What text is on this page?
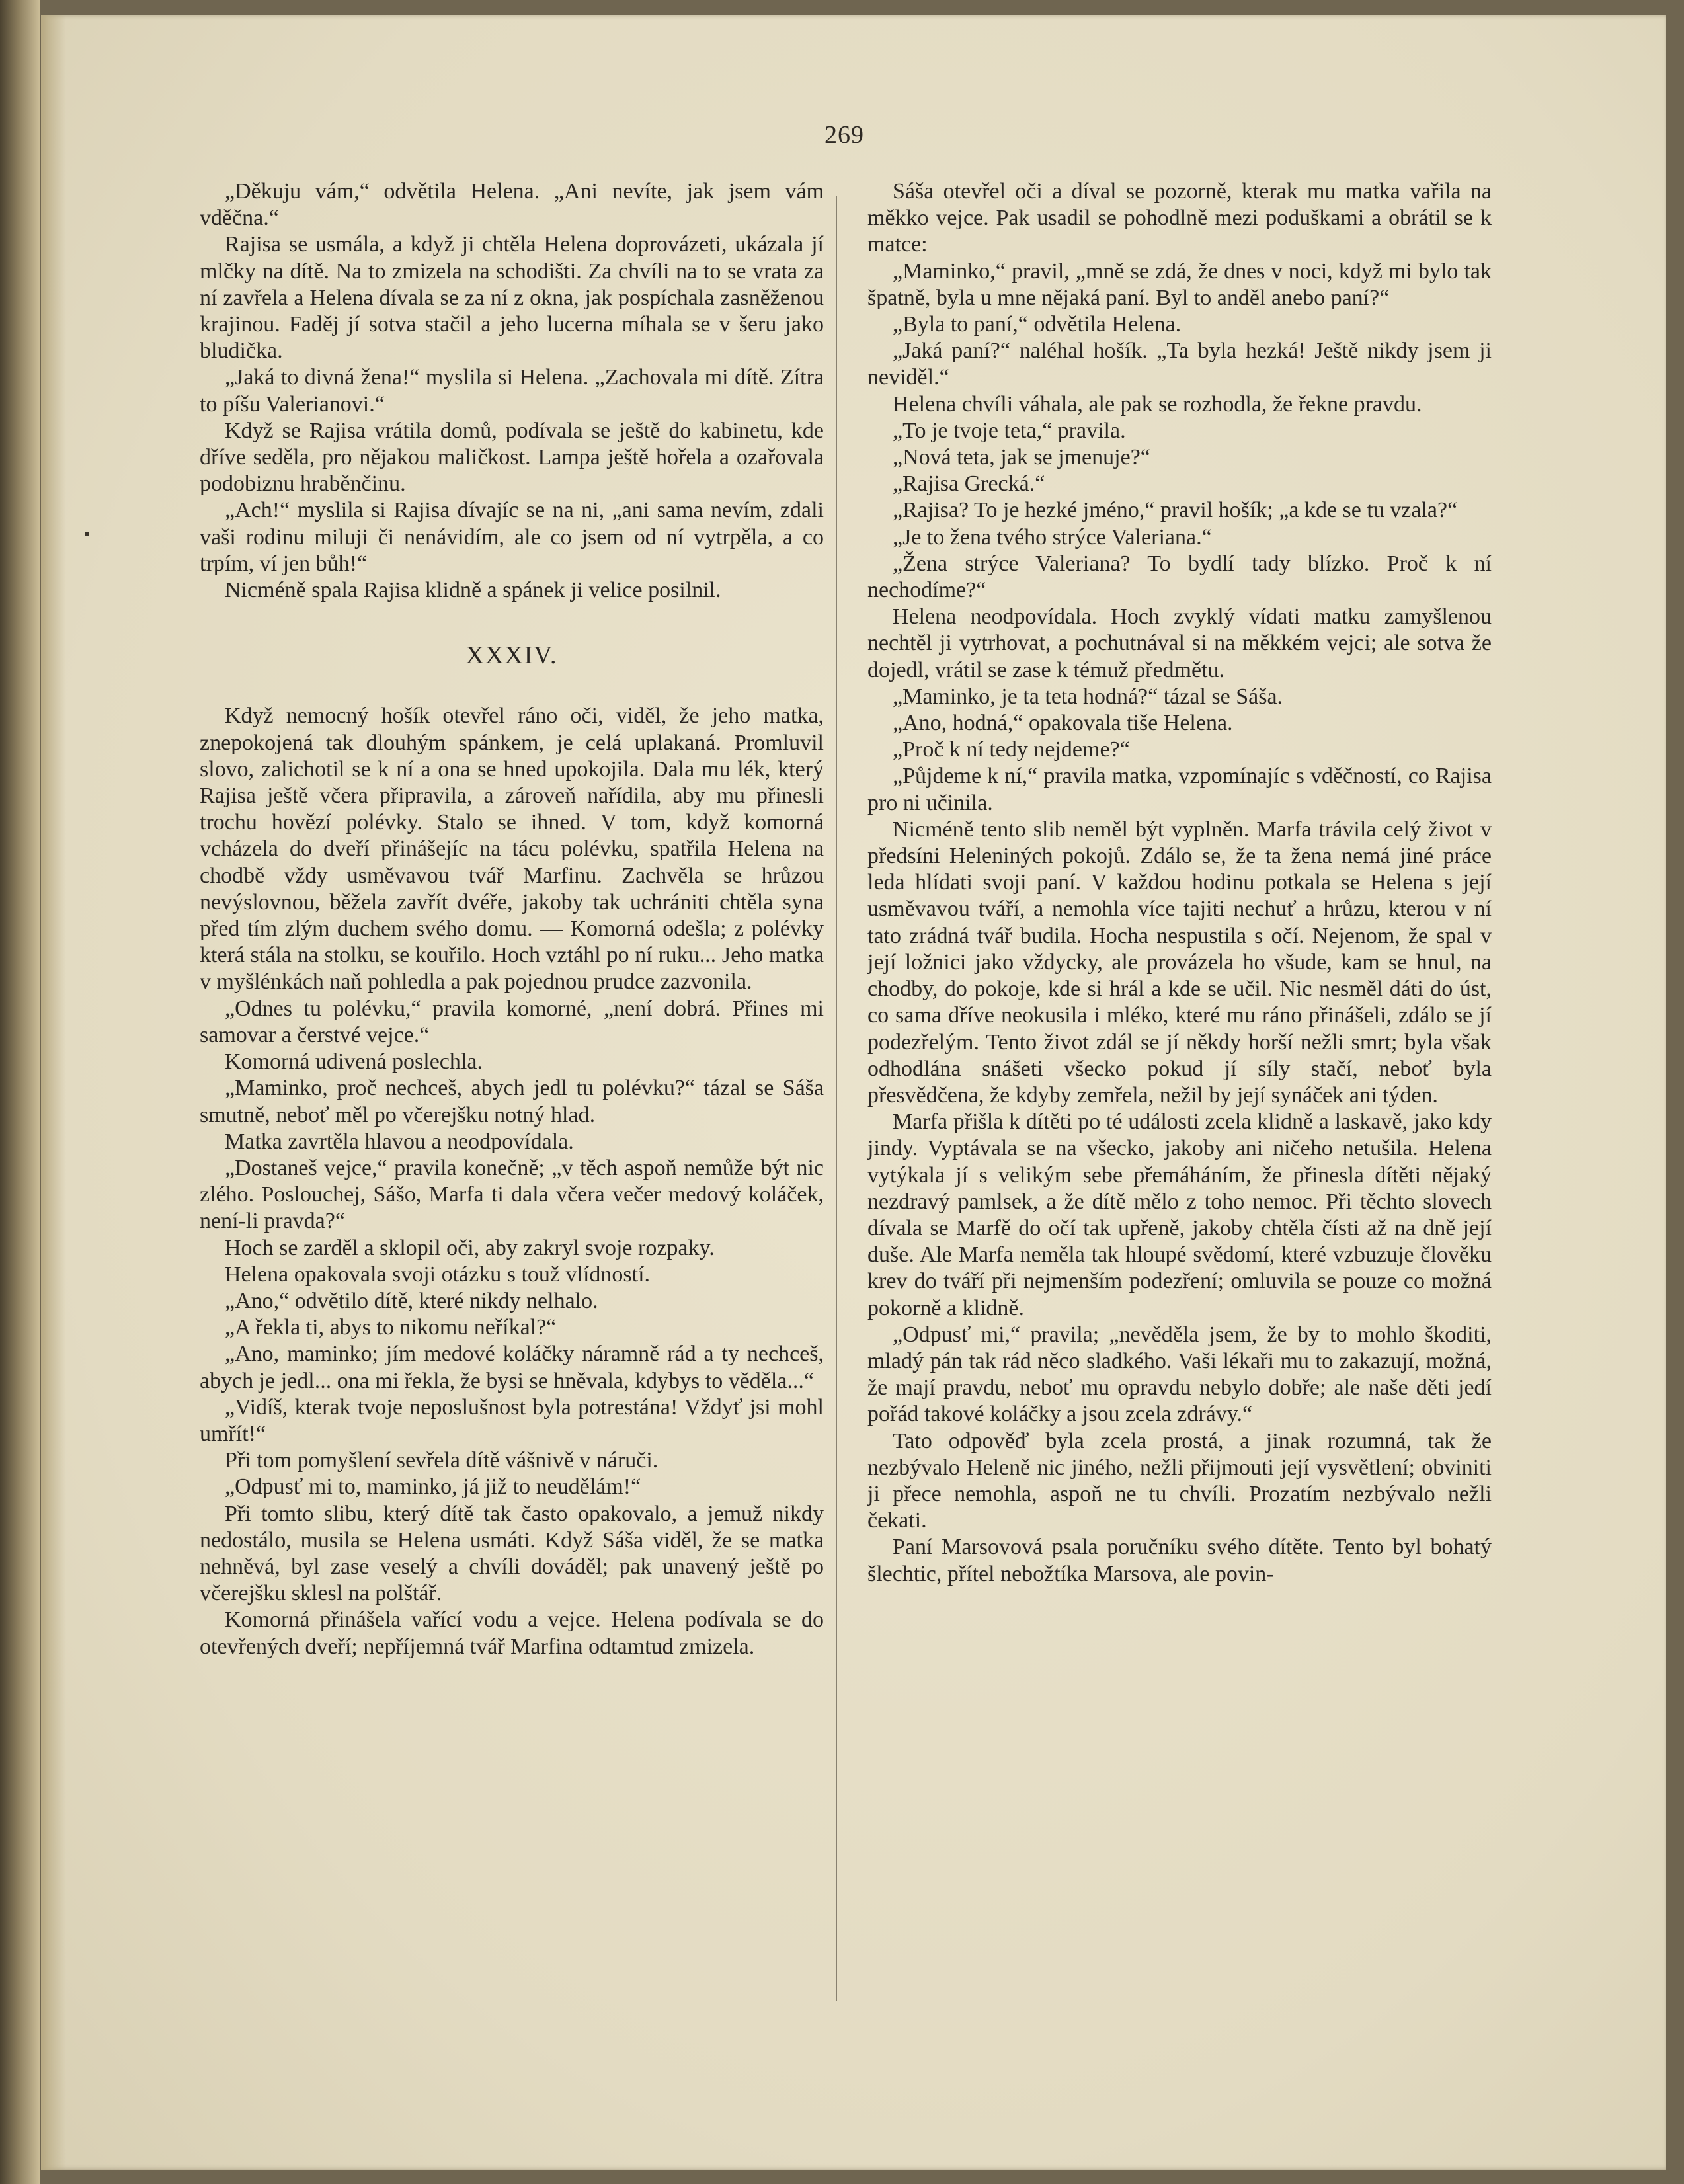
269

„Děkuju vám,“ odvětila Helena. „Ani nevíte, jak jsem vám vděčna.“

Rajisa se usmála, a když ji chtěla Helena doprovázeti, ukázala jí mlčky na dítě. Na to zmizela na schodišti. Za chvíli na to se vrata za ní zavřela a Helena dívala se za ní z okna, jak pospíchala zasněženou krajinou. Faděj jí sotva stačil a jeho lucerna míhala se v šeru jako bludička.

„Jaká to divná žena!“ myslila si Helena. „Zachovala mi dítě. Zítra to píšu Valerianovi.“

Když se Rajisa vrátila domů, podívala se ještě do kabinetu, kde dříve seděla, pro nějakou maličkost. Lampa ještě hořela a ozařovala podobiznu hraběnčinu.

„Ach!“ myslila si Rajisa dívajíc se na ni, „ani sama nevím, zdali vaši rodinu miluji či nenávidím, ale co jsem od ní vytrpěla, a co trpím, ví jen bůh!“

Nicméně spala Rajisa klidně a spánek ji velice posilnil.

XXXIV.

Když nemocný hošík otevřel ráno oči, viděl, že jeho matka, znepokojená tak dlouhým spánkem, je celá uplakaná. Promluvil slovo, zalichotil se k ní a ona se hned upokojila. Dala mu lék, který Rajisa ještě včera připravila, a zároveň nařídila, aby mu přinesli trochu hovězí polévky. Stalo se ihned. V tom, když komorná vcházela do dveří přinášejíc na tácu polévku, spatřila Helena na chodbě vždy usměvavou tvář Marfinu. Zachvěla se hrůzou nevýslovnou, běžela zavřít dvéře, jakoby tak uchrániti chtěla syna před tím zlým duchem svého domu. — Komorná odešla; z polévky která stála na stolku, se kouřilo. Hoch vztáhl po ní ruku... Jeho matka v myšlénkách naň pohledla a pak pojednou prudce zazvonila.

„Odnes tu polévku,“ pravila komorné, „není dobrá. Přines mi samovar a čerstvé vejce.“

Komorná udivená poslechla.

„Maminko, proč nechceš, abych jedl tu polévku?“ tázal se Sáša smutně, neboť měl po včerejšku notný hlad.

Matka zavrtěla hlavou a neodpovídala.

„Dostaneš vejce,“ pravila konečně; „v těch aspoň nemůže být nic zlého. Poslouchej, Sášo, Marfa ti dala včera večer medový koláček, není-li pravda?“

Hoch se zarděl a sklopil oči, aby zakryl svoje rozpaky.

Helena opakovala svoji otázku s touž vlídností.

„Ano,“ odvětilo dítě, které nikdy nelhalo.

„A řekla ti, abys to nikomu neříkal?“

„Ano, maminko; jím medové koláčky náramně rád a ty nechceš, abych je jedl... ona mi řekla, že bysi se hněvala, kdybys to věděla...“

„Vidíš, kterak tvoje neposlušnost byla potrestána! Vždyť jsi mohl umřít!“

Při tom pomyšlení sevřela dítě vášnivě v náruči.

„Odpusť mi to, maminko, já již to neudělám!“

Při tomto slibu, který dítě tak často opakovalo, a jemuž nikdy nedostálo, musila se Helena usmáti. Když Sáša viděl, že se matka nehněvá, byl zase veselý a chvíli dováděl; pak unavený ještě po včerejšku sklesl na polštář.

Komorná přinášela vařící vodu a vejce. Helena podívala se do otevřených dveří; nepříjemná tvář Marfina odtamtud zmizela.

Sáša otevřel oči a díval se pozorně, kterak mu matka vařila na měkko vejce. Pak usadil se pohodlně mezi poduškami a obrátil se k matce:

„Maminko,“ pravil, „mně se zdá, že dnes v noci, když mi bylo tak špatně, byla u mne nějaká paní. Byl to anděl anebo paní?“

„Byla to paní,“ odvětila Helena.

„Jaká paní?“ naléhal hošík. „Ta byla hezká! Ještě nikdy jsem ji neviděl.“

Helena chvíli váhala, ale pak se rozhodla, že řekne pravdu.

„To je tvoje teta,“ pravila.

„Nová teta, jak se jmenuje?“

„Rajisa Grecká.“

„Rajisa? To je hezké jméno,“ pravil hošík; „a kde se tu vzala?“

„Je to žena tvého strýce Valeriana.“

„Žena strýce Valeriana? To bydlí tady blízko. Proč k ní nechodíme?“

Helena neodpovídala. Hoch zvyklý vídati matku zamyšlenou nechtěl ji vytrhovat, a pochutnával si na měkkém vejci; ale sotva že dojedl, vrátil se zase k témuž předmětu.

„Maminko, je ta teta hodná?“ tázal se Sáša.

„Ano, hodná,“ opakovala tiše Helena.

„Proč k ní tedy nejdeme?“

„Půjdeme k ní,“ pravila matka, vzpomínajíc s vděčností, co Rajisa pro ni učinila.

Nicméně tento slib neměl být vyplněn. Marfa trávila celý život v předsíni Heleniných pokojů. Zdálo se, že ta žena nemá jiné práce leda hlídati svoji paní. V každou hodinu potkala se Helena s její usměvavou tváří, a nemohla více tajiti nechuť a hrůzu, kterou v ní tato zrádná tvář budila. Hocha nespustila s očí. Nejenom, že spal v její ložnici jako vždycky, ale provázela ho všude, kam se hnul, na chodby, do pokoje, kde si hrál a kde se učil. Nic nesměl dáti do úst, co sama dříve neokusila i mléko, které mu ráno přinášeli, zdálo se jí podezřelým. Tento život zdál se jí někdy horší nežli smrt; byla však odhodlána snášeti všecko pokud jí síly stačí, neboť byla přesvědčena, že kdyby zemřela, nežil by její synáček ani týden.

Marfa přišla k dítěti po té události zcela klidně a laskavě, jako kdy jindy. Vyptávala se na všecko, jakoby ani ničeho netušila. Helena vytýkala jí s velikým sebe přemáháním, že přinesla dítěti nějaký nezdravý pamlsek, a že dítě mělo z toho nemoc. Při těchto slovech dívala se Marfě do očí tak upřeně, jakoby chtěla čísti až na dně její duše. Ale Marfa neměla tak hloupé svědomí, které vzbuzuje člověku krev do tváří při nejmenším podezření; omluvila se pouze co možná pokorně a klidně.

„Odpusť mi,“ pravila; „nevěděla jsem, že by to mohlo škoditi, mladý pán tak rád něco sladkého. Vaši lékaři mu to zakazují, možná, že mají pravdu, neboť mu opravdu nebylo dobře; ale naše děti jedí pořád takové koláčky a jsou zcela zdrávy.“

Tato odpověď byla zcela prostá, a jinak rozumná, tak že nezbývalo Heleně nic jiného, nežli přijmouti její vysvětlení; obviniti ji přece nemohla, aspoň ne tu chvíli. Prozatím nezbývalo nežli čekati.

Paní Marsovová psala poručníku svého dítěte. Tento byl bohatý šlechtic, přítel nebožtíka Marsova, ale povin-
